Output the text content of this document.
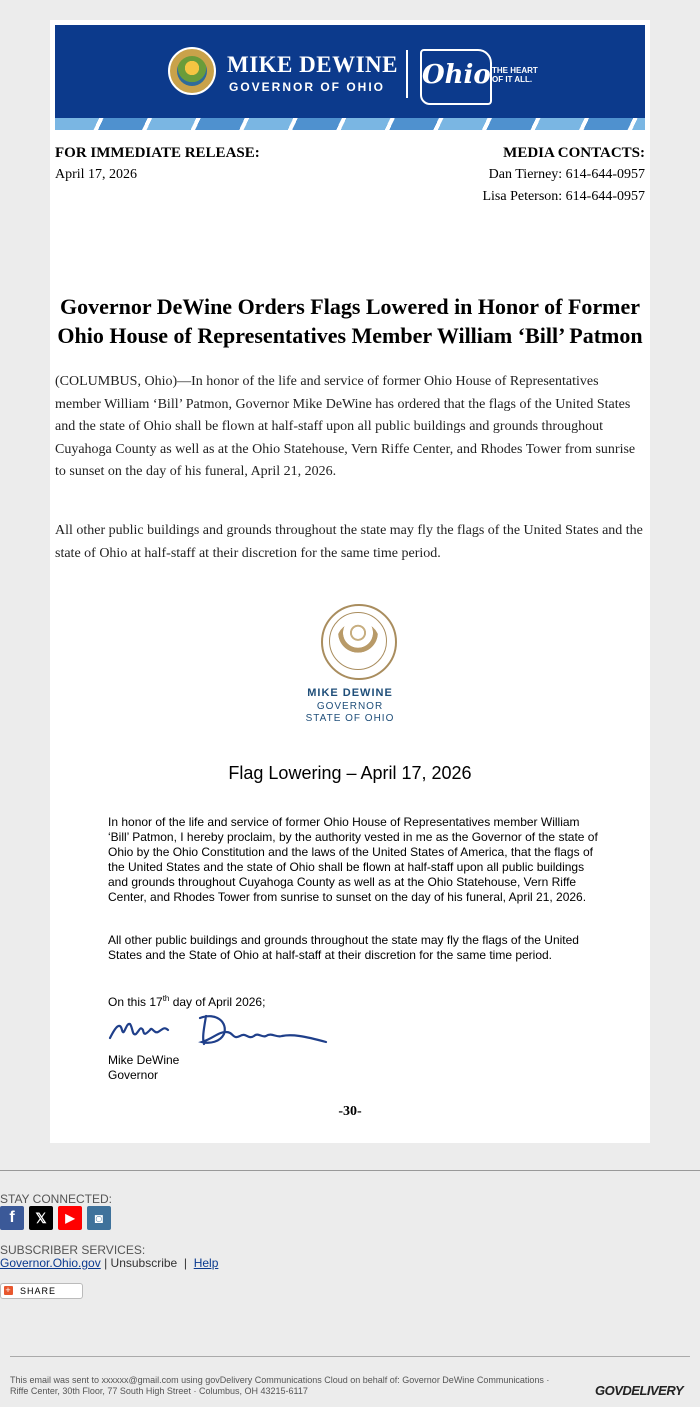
MIKE DEWINE
GOVERNOR OF OHIO Ohio THE HEART
OF IT ALL.
FOR IMMEDIATE RELEASE:
April 17, 2026
MEDIA CONTACTS:
Dan Tierney: 614-644-0957
Lisa Peterson: 614-644-0957
Governor DeWine Orders Flags Lowered in Honor of Former Ohio House of Representatives Member William ‘Bill’ Patmon
(COLUMBUS, Ohio)—In honor of the life and service of former Ohio House of Representatives member William ‘Bill’ Patmon, Governor Mike DeWine has ordered that the flags of the United States and the state of Ohio shall be flown at half-staff upon all public buildings and grounds throughout Cuyahoga County as well as at the Ohio Statehouse, Vern Riffe Center, and Rhodes Tower from sunrise to sunset on the day of his funeral, April 21, 2026.
All other public buildings and grounds throughout the state may fly the flags of the United States and the state of Ohio at half-staff at their discretion for the same time period.
MIKE DEWINE
GOVERNOR
STATE OF OHIO
Flag Lowering – April 17, 2026
In honor of the life and service of former Ohio House of Representatives member William ‘Bill’ Patmon, I hereby proclaim, by the authority vested in me as the Governor of the state of Ohio by the Ohio Constitution and the laws of the United States of America, that the flags of the United States and the state of Ohio shall be flown at half-staff upon all public buildings and grounds throughout Cuyahoga County as well as at the Ohio Statehouse, Vern Riffe Center, and Rhodes Tower from sunrise to sunset on the day of his funeral, April 21, 2026.
All other public buildings and grounds throughout the state may fly the flags of the United States and the State of Ohio at half-staff at their discretion for the same time period.
On this 17th day of April 2026;
Mike DeWine
Governor
-30-
STAY CONNECTED:
f	𝕏	▶	◙
SUBSCRIBER SERVICES:
Governor.Ohio.gov | Unsubscribe  |  Help
+ SHARE
This email was sent to xxxxxx@gmail.com using govDelivery Communications Cloud on behalf of: Governor DeWine Communications · Riffe Center, 30th Floor, 77 South High Street · Columbus, OH 43215-6117	GOVDELIVERY
